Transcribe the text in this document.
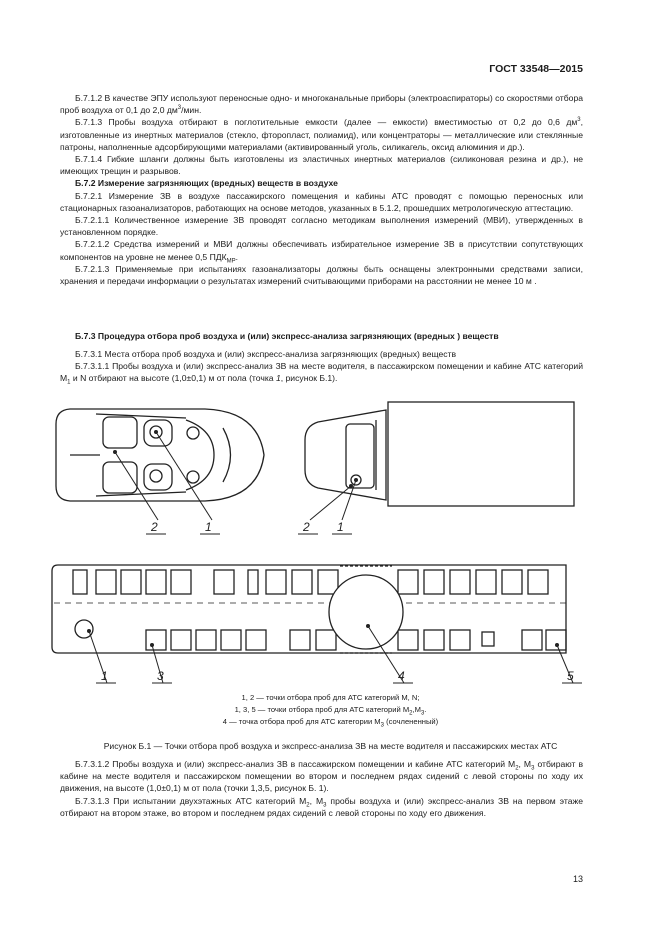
ГОСТ 33548—2015

Б.7.1.2 В качестве ЭПУ используют переносные одно- и многоканальные приборы (электроаспираторы) со скоростями отбора проб воздуха от 0,1 до 2,0 $дм^3$/мин.

Б.7.1.3 Пробы воздуха отбирают в поглотительные емкости (далее — емкости) вместимостью от 0,2 до 0,6 $дм^3$, изготовленные из инертных материалов (стекло, фторопласт, полиамид), или концентраторы — металлические или стеклянные патроны, наполненные адсорбирующими материалами (активированный уголь, силикагель, оксид алюминия и др.).

Б.7.1.4 Гибкие шланги должны быть изготовлены из эластичных инертных материалов (силиконовая резина и др.), не имеющих трещин и разрывов.

Б.7.2 Измерение загрязняющих (вредных) веществ в воздухе

Б.7.2.1 Измерение ЗВ в воздухе пассажирского помещения и кабины АТС проводят с помощью переносных или стационарных газоанализаторов, работающих на основе методов, указанных в 5.1.2, прошедших метрологическую аттестацию.

Б.7.2.1.1 Количественное измерение ЗВ проводят согласно методикам выполнения измерений (МВИ), утвержденных в установленном порядке.

Б.7.2.1.2 Средства измерений и МВИ должны обеспечивать избирательное измерение ЗВ в присутствии сопутствующих компонентов на уровне не менее 0,5 $ПДК_{МР}$.

Б.7.2.1.3 Применяемые при испытаниях газоанализаторы должны быть оснащены электронными средствами записи, хранения и передачи информации о результатах измерений считывающими приборами на расстоянии не менее 10 м .

Б.7.3 Процедура отбора проб воздуха и (или) экспресс-анализа загрязняющих (вредных ) веществ

Б.7.3.1 Места отбора проб воздуха и (или) экспресс-анализа загрязняющих (вредных) веществ

Б.7.3.1.1 Пробы воздуха и (или) экспресс-анализ ЗВ на месте водителя, в пассажирском помещении и кабине АТС категорий $M_1$ и N отбирают на высоте (1,0±0,1) м от пола (точка 1, рисунок Б.1).

1
2	1
2
1	3	4	5
1, 2 — точки отбора проб для АТС категорий M, N;
1, 3, 5 — точки отбора проб для АТС категорий $M_2,M_3$.
4 — точка отбора проб для АТС категории $M_3$ (сочлененный)
Рисунок Б.1 — Точки отбора проб воздуха и экспресс-анализа ЗВ на месте водителя и пассажирских местах АТС

Б.7.3.1.2 Пробы воздуха и (или) экспресс-анализ ЗВ в пассажирском помещении и кабине АТС категорий $M_2$, $M_3$ отбирают в кабине на месте водителя и пассажирском помещении во втором и последнем рядах сидений с левой стороны по ходу их движения, на высоте (1,0±0,1) м от пола (точки 1,3,5, рисунок Б. 1).

Б.7.3.1.3 При испытании двухэтажных АТС категорий $M_2$, $M_3$ пробы воздуха и (или) экспресс-анализ ЗВ на первом этаже отбирают на втором этаже, во втором и последнем рядах сидений с левой стороны по ходу его движения.

13
